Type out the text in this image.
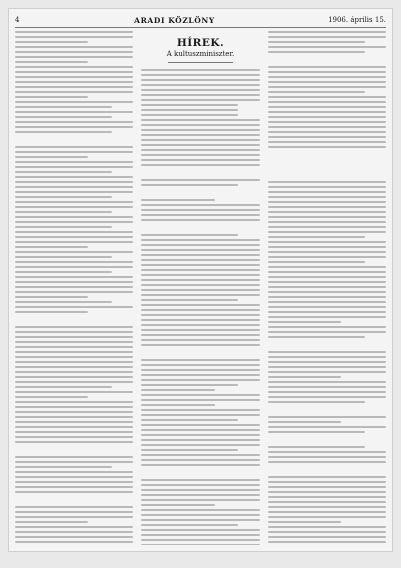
4	ARADI KÖZLÖNY	1906. április 15.
HÍREK.
A kultuszminiszter.
